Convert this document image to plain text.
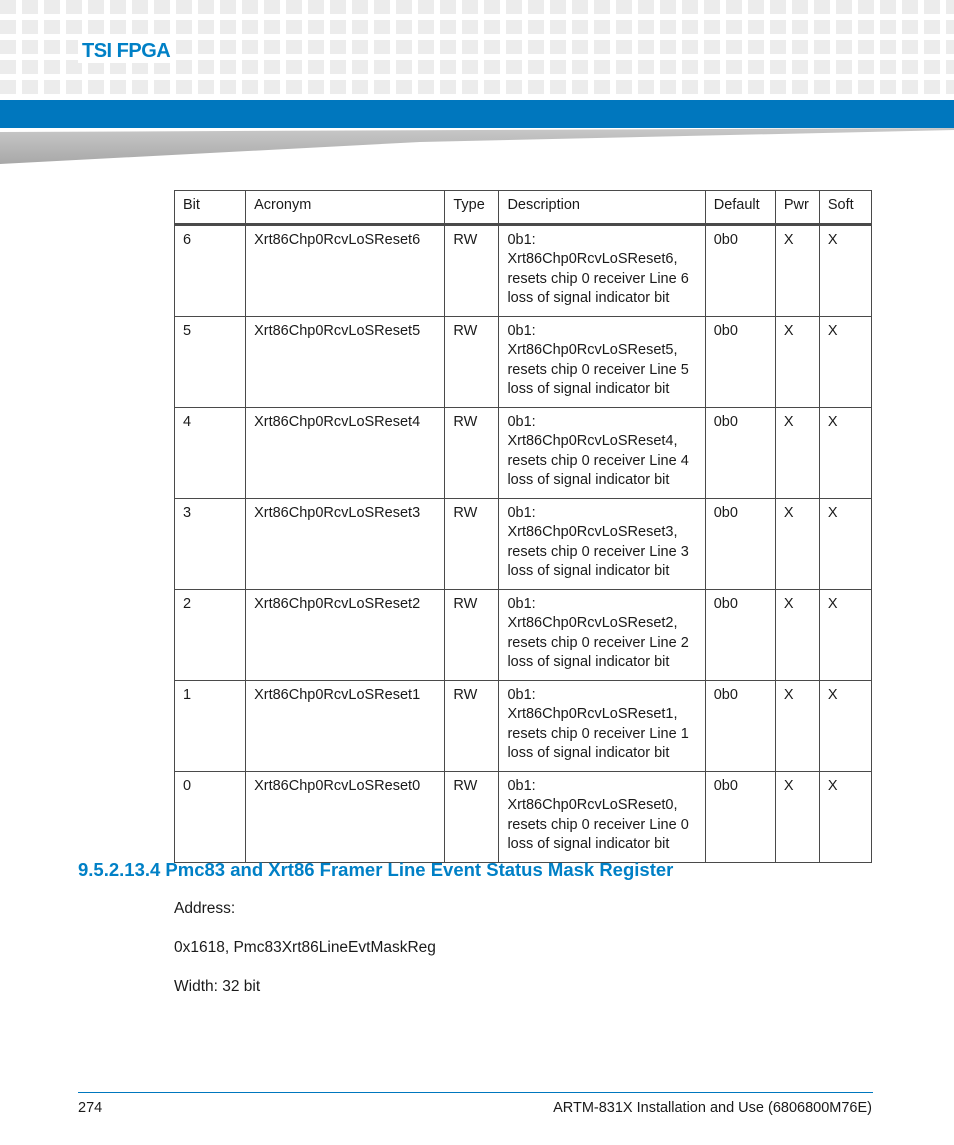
TSI FPGA
Bit	Acronym	Type	Description	Default	Pwr	Soft
6	Xrt86Chp0RcvLoSReset6	RW	0b1:
Xrt86Chp0RcvLoSReset6,
resets chip 0 receiver Line 6
loss of signal indicator bit	0b0	X	X
5	Xrt86Chp0RcvLoSReset5	RW	0b1:
Xrt86Chp0RcvLoSReset5,
resets chip 0 receiver Line 5
loss of signal indicator bit	0b0	X	X
4	Xrt86Chp0RcvLoSReset4	RW	0b1:
Xrt86Chp0RcvLoSReset4,
resets chip 0 receiver Line 4
loss of signal indicator bit	0b0	X	X
3	Xrt86Chp0RcvLoSReset3	RW	0b1:
Xrt86Chp0RcvLoSReset3,
resets chip 0 receiver Line 3
loss of signal indicator bit	0b0	X	X
2	Xrt86Chp0RcvLoSReset2	RW	0b1:
Xrt86Chp0RcvLoSReset2,
resets chip 0 receiver Line 2
loss of signal indicator bit	0b0	X	X
1	Xrt86Chp0RcvLoSReset1	RW	0b1:
Xrt86Chp0RcvLoSReset1,
resets chip 0 receiver Line 1
loss of signal indicator bit	0b0	X	X
0	Xrt86Chp0RcvLoSReset0	RW	0b1:
Xrt86Chp0RcvLoSReset0,
resets chip 0 receiver Line 0
loss of signal indicator bit	0b0	X	X
9.5.2.13.4 Pmc83 and Xrt86 Framer Line Event Status Mask Register

Address:

0x1618, Pmc83Xrt86LineEvtMaskReg

Width: 32 bit

274	ARTM-831X Installation and Use (6806800M76E)
